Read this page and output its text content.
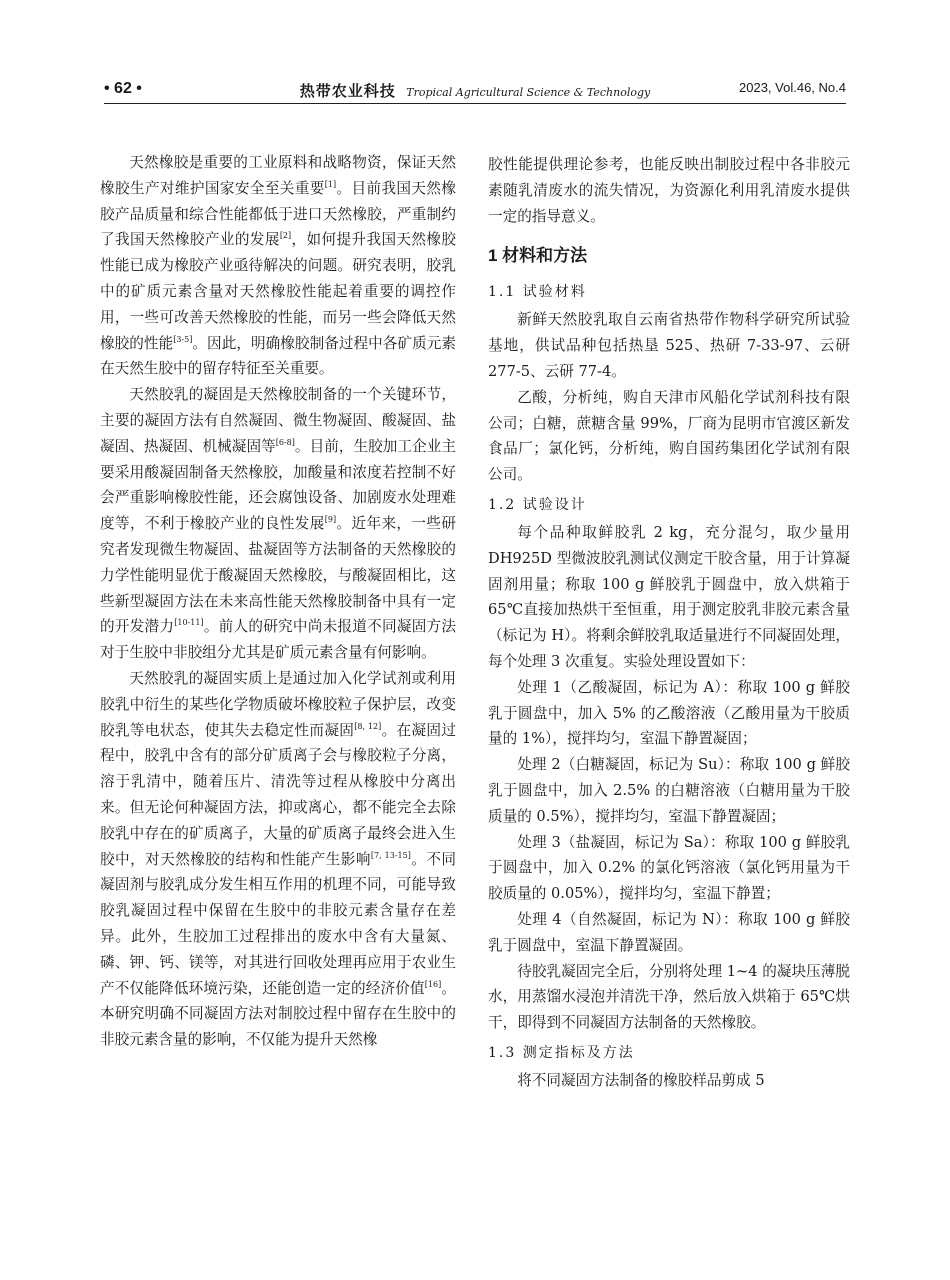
• 62 •	热带农业科技 Tropical Agricultural Science & Technology	2023, Vol.46, No.4

天然橡胶是重要的工业原料和战略物资，保证天然橡胶生产对维护国家安全至关重要[1]。目前我国天然橡胶产品质量和综合性能都低于进口天然橡胶，严重制约了我国天然橡胶产业的发展[2]，如何提升我国天然橡胶性能已成为橡胶产业亟待解决的问题。研究表明，胶乳中的矿质元素含量对天然橡胶性能起着重要的调控作用，一些可改善天然橡胶的性能，而另一些会降低天然橡胶的性能[3-5]。因此，明确橡胶制备过程中各矿质元素在天然生胶中的留存特征至关重要。

天然胶乳的凝固是天然橡胶制备的一个关键环节，主要的凝固方法有自然凝固、微生物凝固、酸凝固、盐凝固、热凝固、机械凝固等[6-8]。目前，生胶加工企业主要采用酸凝固制备天然橡胶，加酸量和浓度若控制不好会严重影响橡胶性能，还会腐蚀设备、加剧废水处理难度等，不利于橡胶产业的良性发展[9]。近年来，一些研究者发现微生物凝固、盐凝固等方法制备的天然橡胶的力学性能明显优于酸凝固天然橡胶，与酸凝固相比，这些新型凝固方法在未来高性能天然橡胶制备中具有一定的开发潜力[10-11]。前人的研究中尚未报道不同凝固方法对于生胶中非胶组分尤其是矿质元素含量有何影响。

天然胶乳的凝固实质上是通过加入化学试剂或利用胶乳中衍生的某些化学物质破坏橡胶粒子保护层，改变胶乳等电状态，使其失去稳定性而凝固[8, 12]。在凝固过程中，胶乳中含有的部分矿质离子会与橡胶粒子分离，溶于乳清中，随着压片、清洗等过程从橡胶中分离出来。但无论何种凝固方法，抑或离心，都不能完全去除胶乳中存在的矿质离子，大量的矿质离子最终会进入生胶中，对天然橡胶的结构和性能产生影响[7, 13-15]。不同凝固剂与胶乳成分发生相互作用的机理不同，可能导致胶乳凝固过程中保留在生胶中的非胶元素含量存在差异。此外，生胶加工过程排出的废水中含有大量氮、磷、钾、钙、镁等，对其进行回收处理再应用于农业生产不仅能降低环境污染，还能创造一定的经济价值[16]。本研究明确不同凝固方法对制胶过程中留存在生胶中的非胶元素含量的影响，不仅能为提升天然橡

胶性能提供理论参考，也能反映出制胶过程中各非胶元素随乳清废水的流失情况，为资源化利用乳清废水提供一定的指导意义。

1 材料和方法
1.1 试验材料

新鲜天然胶乳取自云南省热带作物科学研究所试验基地，供试品种包括热垦 525、热研 7-33-97、云研 277-5、云研 77-4。

乙酸，分析纯，购自天津市风船化学试剂科技有限公司；白糖，蔗糖含量 99%，厂商为昆明市官渡区新发食品厂；氯化钙，分析纯，购自国药集团化学试剂有限公司。

1.2 试验设计

每个品种取鲜胶乳 2 kg，充分混匀，取少量用 DH925D 型微波胶乳测试仪测定干胶含量，用于计算凝固剂用量；称取 100 g 鲜胶乳于圆盘中，放入烘箱于 65℃直接加热烘干至恒重，用于测定胶乳非胶元素含量（标记为 H）。将剩余鲜胶乳取适量进行不同凝固处理，每个处理 3 次重复。实验处理设置如下：

处理 1（乙酸凝固，标记为 A）：称取 100 g 鲜胶乳于圆盘中，加入 5% 的乙酸溶液（乙酸用量为干胶质量的 1%），搅拌均匀，室温下静置凝固；

处理 2（白糖凝固，标记为 Su）：称取 100 g 鲜胶乳于圆盘中，加入 2.5% 的白糖溶液（白糖用量为干胶质量的 0.5%），搅拌均匀，室温下静置凝固；

处理 3（盐凝固，标记为 Sa）：称取 100 g 鲜胶乳于圆盘中，加入 0.2% 的氯化钙溶液（氯化钙用量为干胶质量的 0.05%），搅拌均匀，室温下静置；

处理 4（自然凝固，标记为 N）：称取 100 g 鲜胶乳于圆盘中，室温下静置凝固。

待胶乳凝固完全后，分别将处理 1~4 的凝块压薄脱水，用蒸馏水浸泡并清洗干净，然后放入烘箱于 65℃烘干，即得到不同凝固方法制备的天然橡胶。

1.3 测定指标及方法

将不同凝固方法制备的橡胶样品剪成 5
